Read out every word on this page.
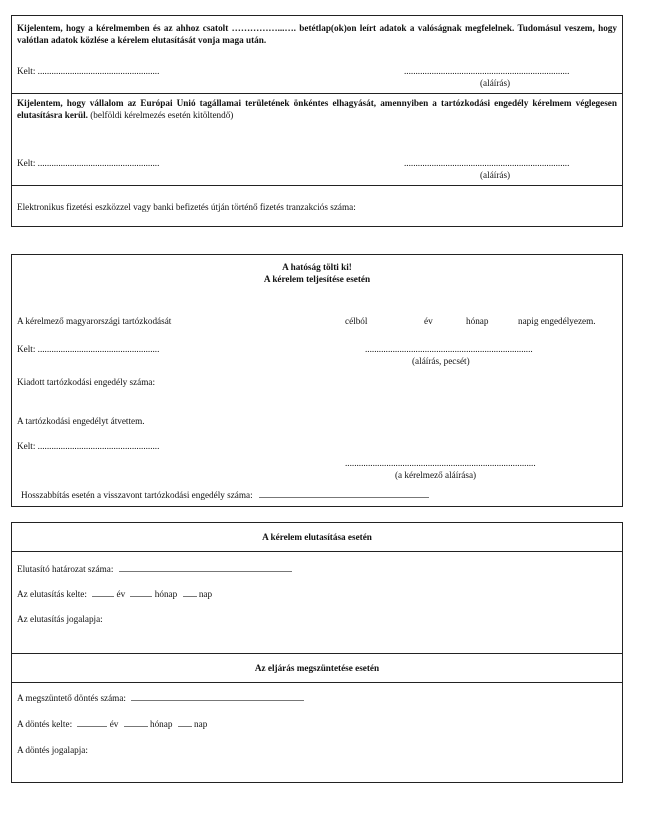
Kijelentem, hogy a kérelmemben és az ahhoz csatolt ……………...…. betétlap(ok)on leírt adatok a valóságnak megfelelnek. Tudomásul veszem, hogy valótlan adatok közlése a kérelem elutasítását vonja maga után.
Kelt: .....................................................	........................................................................
(aláírás)
Kijelentem, hogy vállalom az Európai Unió tagállamai területének önkéntes elhagyását, amennyiben a tartózkodási engedély kérelmem véglegesen elutasításra kerül. (belföldi kérelmezés esetén kitöltendő)
Kelt: .....................................................	........................................................................
(aláírás)
Elektronikus fizetési eszközzel vagy banki befizetés útján történő fizetés tranzakciós száma:
A hatóság tölti ki!
A kérelem teljesítése esetén
A kérelmező magyarországi tartózkodását	célból	év	hónap	napig engedélyezem.
Kelt: .....................................................	.........................................................................
(aláírás, pecsét)
Kiadott tartózkodási engedély száma:
A tartózkodási engedélyt átvettem.
Kelt: .....................................................
...................................................................................
(a kérelmező aláírása)
Hosszabbítás esetén a visszavont tartózkodási engedély száma:
A kérelem elutasítása esetén
Elutasító határozat száma:
Az elutasítás kelte:	év	hónap nap
Az elutasítás jogalapja:
Az eljárás megszüntetése esetén
A megszüntető döntés száma:
A döntés kelte:	év	hónap nap
A döntés jogalapja:
